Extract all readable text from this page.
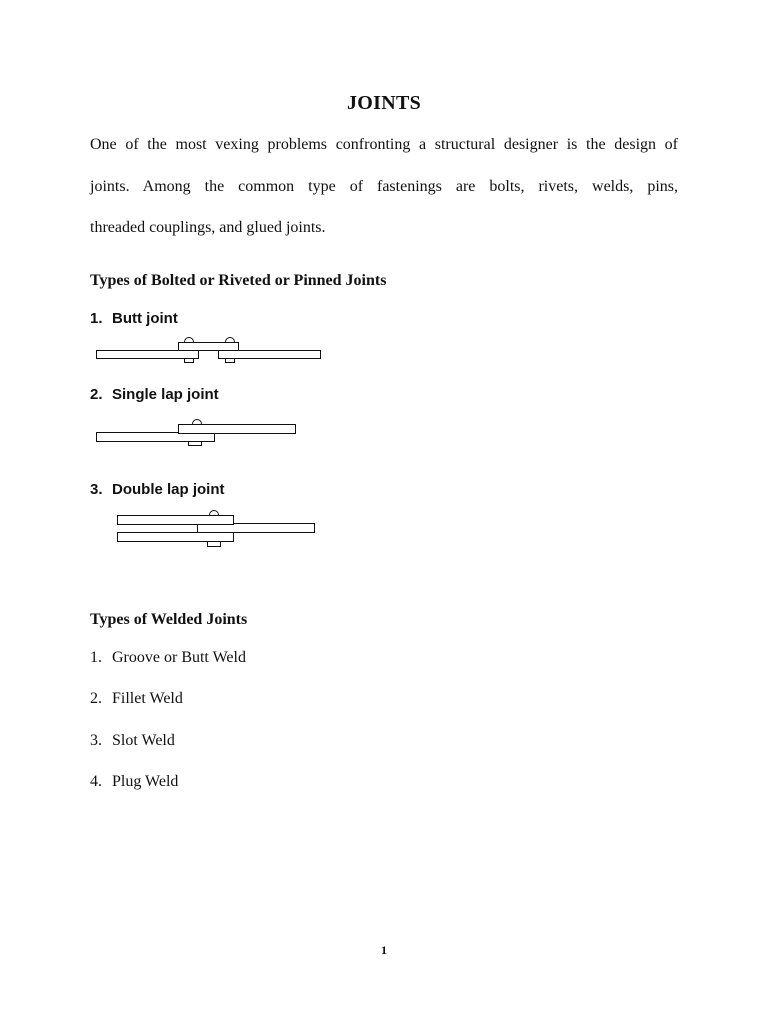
JOINTS
One of the most vexing problems confronting a structural designer is the design of
joints. Among the common type of fastenings are bolts, rivets, welds, pins,
threaded couplings, and glued joints.
Types of Bolted or Riveted or Pinned Joints
1. Butt joint
2. Single lap joint
3. Double lap joint
Types of Welded Joints
1. Groove or Butt Weld
2. Fillet Weld
3. Slot Weld
4. Plug Weld
1
